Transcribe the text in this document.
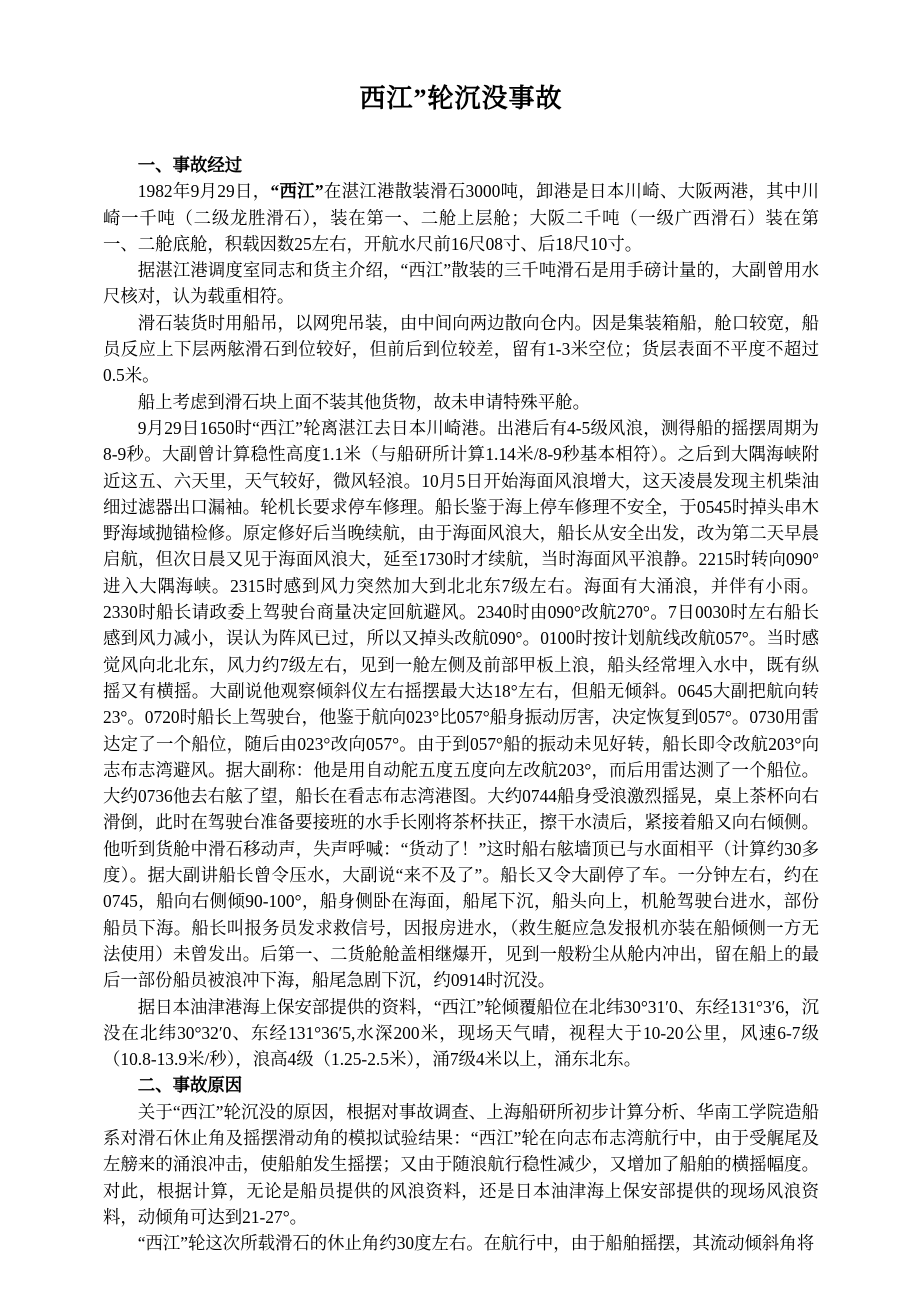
西江”轮沉没事故

一、事故经过

1982年9月29日，“西江”在湛江港散装滑石3000吨，卸港是日本川崎、大阪两港，其中川崎一千吨（二级龙胜滑石），装在第一、二舱上层舱；大阪二千吨（一级广西滑石）装在第一、二舱底舱，积载因数25左右，开航水尺前16尺08寸、后18尺10寸。

据湛江港调度室同志和货主介绍，“西江”散装的三千吨滑石是用手磅计量的，大副曾用水尺核对，认为载重相符。

滑石装货时用船吊，以网兜吊装，由中间向两边散向仓内。因是集装箱船，舱口较宽，船员反应上下层两舷滑石到位较好，但前后到位较差，留有1-3米空位；货层表面不平度不超过0.5米。

船上考虑到滑石块上面不装其他货物，故未申请特殊平舱。

9月29日1650时“西江”轮离湛江去日本川崎港。出港后有4-5级风浪，测得船的摇摆周期为8-9秒。大副曾计算稳性高度1.1米（与船研所计算1.14米/8-9秒基本相符）。之后到大隅海峡附近这五、六天里，天气较好，微风轻浪。10月5日开始海面风浪增大，这天凌晨发现主机柴油细过滤器出口漏袖。轮机长要求停车修理。船长鉴于海上停车修理不安全，于0545时掉头串木野海域抛锚检修。原定修好后当晚续航，由于海面风浪大，船长从安全出发，改为第二天早晨启航，但次日晨又见于海面风浪大，延至1730时才续航，当时海面风平浪静。2215时转向090°进入大隅海峡。2315时感到风力突然加大到北北东7级左右。海面有大涌浪，并伴有小雨。2330时船长请政委上驾驶台商量决定回航避风。2340时由090°改航270°。7日0030时左右船长感到风力减小，误认为阵风已过，所以又掉头改航090°。0100时按计划航线改航057°。当时感觉风向北北东，风力约7级左右，见到一舱左侧及前部甲板上浪，船头经常埋入水中，既有纵摇又有横摇。大副说他观察倾斜仪左右摇摆最大达18°左右，但船无倾斜。0645大副把航向转23°。0720时船长上驾驶台，他鉴于航向023°比057°船身振动厉害，决定恢复到057°。0730用雷达定了一个船位，随后由023°改向057°。由于到057°船的振动未见好转，船长即令改航203°向志布志湾避风。据大副称：他是用自动舵五度五度向左改航203°，而后用雷达测了一个船位。大约0736他去右舷了望，船长在看志布志湾港图。大约0744船身受浪激烈摇晃，桌上茶杯向右滑倒，此时在驾驶台准备要接班的水手长刚将茶杯扶正，擦干水渍后，紧接着船又向右倾侧。他听到货舱中滑石移动声，失声呼喊：“货动了！”这时船右舷墙顶已与水面相平（计算约30多度）。据大副讲船长曾令压水，大副说“来不及了”。船长又令大副停了车。一分钟左右，约在0745，船向右侧倾90-100°，船身侧卧在海面，船尾下沉，船头向上，机舱驾驶台进水，部份船员下海。船长叫报务员发求救信号，因报房进水，（救生艇应急发报机亦装在船倾侧一方无法使用）未曾发出。后第一、二货舱舱盖相继爆开，见到一般粉尘从舱内冲出，留在船上的最后一部份船员被浪冲下海，船尾急剧下沉，约0914时沉没。

据日本油津港海上保安部提供的资料，“西江”轮倾覆船位在北纬30°31′0、东经131°3′6，沉没在北纬30°32′0、东经131°36′5,水深200米，现场天气晴，视程大于10-20公里，风速6-7级（10.8-13.9米/秒），浪高4级（1.25-2.5米），涌7级4米以上，涌东北东。

二、事故原因

关于“西江”轮沉没的原因，根据对事故调查、上海船研所初步计算分析、华南工学院造船系对滑石休止角及摇摆滑动角的模拟试验结果：“西江”轮在向志布志湾航行中，由于受艉尾及左艕来的涌浪冲击，使船舶发生摇摆；又由于随浪航行稳性减少，又增加了船舶的横摇幅度。对此，根据计算，无论是船员提供的风浪资料，还是日本油津海上保安部提供的现场风浪资料，动倾角可达到21-27°。

“西江”轮这次所载滑石的休止角约30度左右。在航行中，由于船舶摇摆，其流动倾斜角将
